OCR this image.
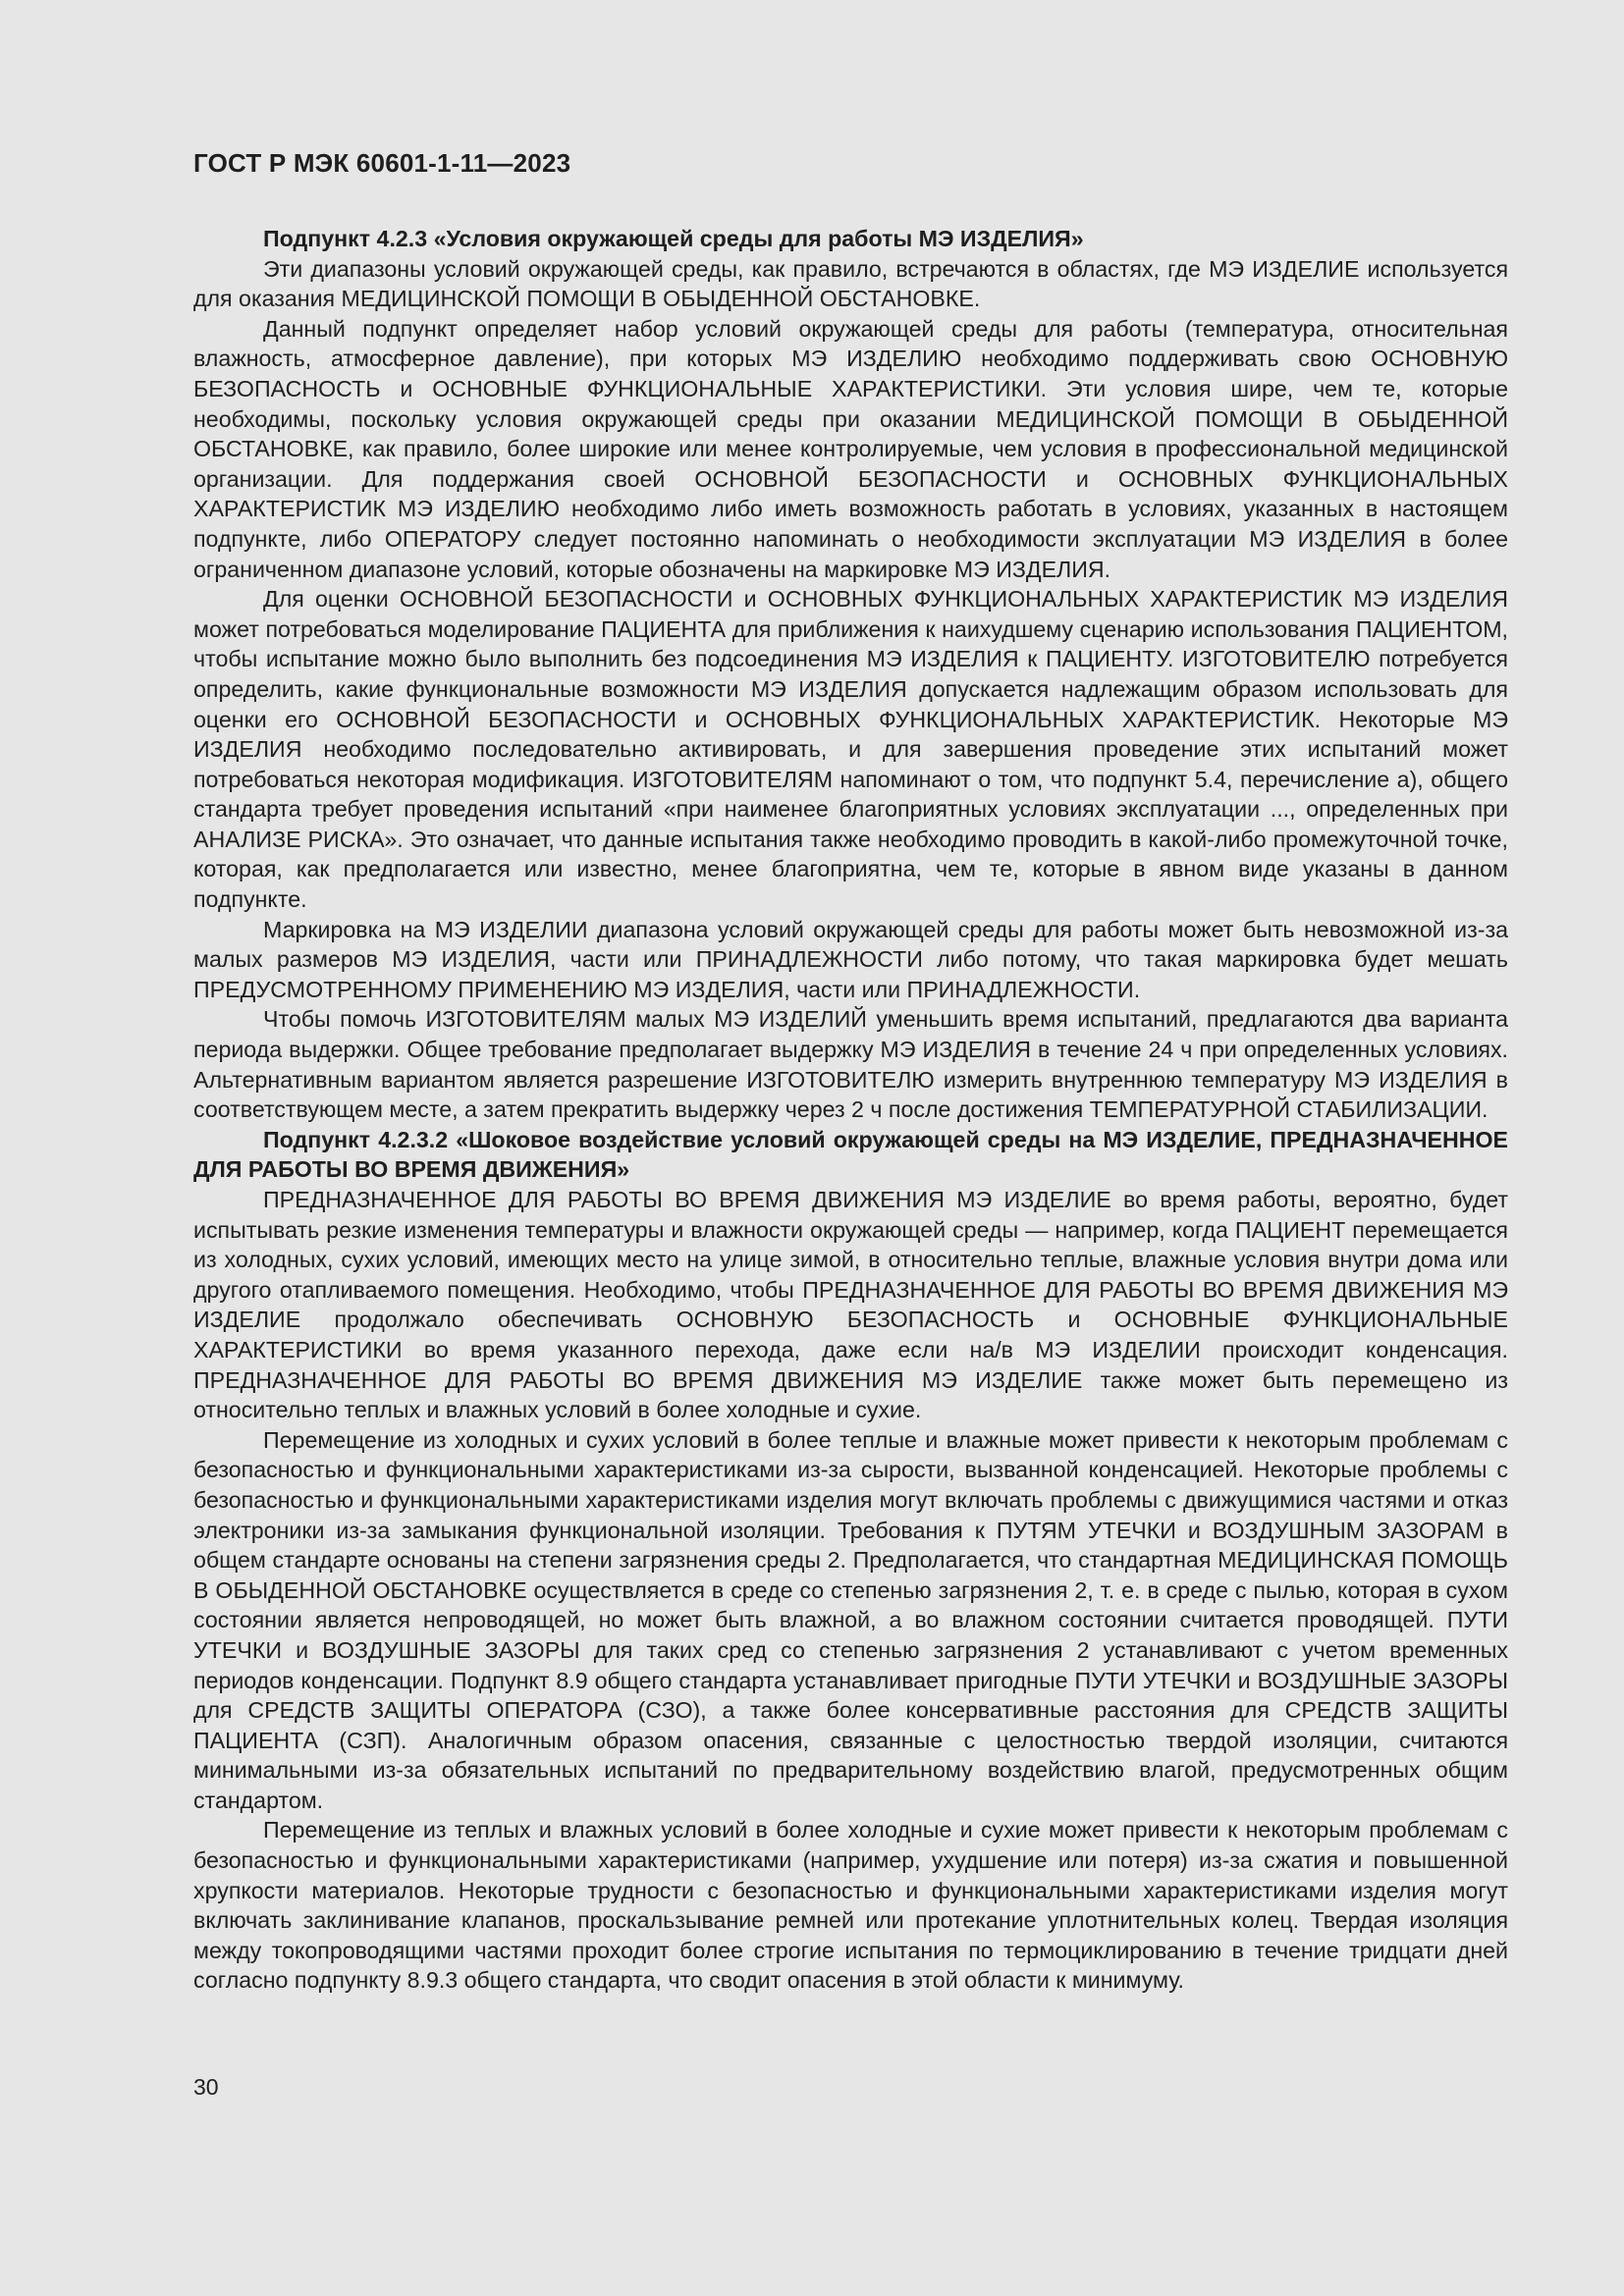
ГОСТ Р МЭК 60601-1-11—2023

Подпункт 4.2.3 «Условия окружающей среды для работы МЭ ИЗДЕЛИЯ»

Эти диапазоны условий окружающей среды, как правило, встречаются в областях, где МЭ ИЗДЕЛИЕ используется для оказания МЕДИЦИНСКОЙ ПОМОЩИ В ОБЫДЕННОЙ ОБСТАНОВКЕ.

Данный подпункт определяет набор условий окружающей среды для работы (температура, относительная влажность, атмосферное давление), при которых МЭ ИЗДЕЛИЮ необходимо поддерживать свою ОСНОВНУЮ БЕЗОПАСНОСТЬ и ОСНОВНЫЕ ФУНКЦИОНАЛЬНЫЕ ХАРАКТЕРИСТИКИ. Эти условия шире, чем те, которые необходимы, поскольку условия окружающей среды при оказании МЕДИЦИНСКОЙ ПОМОЩИ В ОБЫДЕННОЙ ОБСТАНОВКЕ, как правило, более широкие или менее контролируемые, чем условия в профессиональной медицинской организации. Для поддержания своей ОСНОВНОЙ БЕЗОПАСНОСТИ и ОСНОВНЫХ ФУНКЦИОНАЛЬНЫХ ХАРАКТЕРИСТИК МЭ ИЗДЕЛИЮ необходимо либо иметь возможность работать в условиях, указанных в настоящем подпункте, либо ОПЕРАТОРУ следует постоянно напоминать о необходимости эксплуатации МЭ ИЗДЕЛИЯ в более ограниченном диапазоне условий, которые обозначены на маркировке МЭ ИЗДЕЛИЯ.

Для оценки ОСНОВНОЙ БЕЗОПАСНОСТИ и ОСНОВНЫХ ФУНКЦИОНАЛЬНЫХ ХАРАКТЕРИСТИК МЭ ИЗДЕЛИЯ может потребоваться моделирование ПАЦИЕНТА для приближения к наихудшему сценарию использования ПАЦИЕНТОМ, чтобы испытание можно было выполнить без подсоединения МЭ ИЗДЕЛИЯ к ПАЦИЕНТУ. ИЗГОТОВИТЕЛЮ потребуется определить, какие функциональные возможности МЭ ИЗДЕЛИЯ допускается надлежащим образом использовать для оценки его ОСНОВНОЙ БЕЗОПАСНОСТИ и ОСНОВНЫХ ФУНКЦИОНАЛЬНЫХ ХАРАКТЕРИСТИК. Некоторые МЭ ИЗДЕЛИЯ необходимо последовательно активировать, и для завершения проведение этих испытаний может потребоваться некоторая модификация. ИЗГОТОВИТЕЛЯМ напоминают о том, что подпункт 5.4, перечисление а), общего стандарта требует проведения испытаний «при наименее благоприятных условиях эксплуатации ..., определенных при АНАЛИЗЕ РИСКА». Это означает, что данные испытания также необходимо проводить в какой-либо промежуточной точке, которая, как предполагается или известно, менее благоприятна, чем те, которые в явном виде указаны в данном подпункте.

Маркировка на МЭ ИЗДЕЛИИ диапазона условий окружающей среды для работы может быть невозможной из-за малых размеров МЭ ИЗДЕЛИЯ, части или ПРИНАДЛЕЖНОСТИ либо потому, что такая маркировка будет мешать ПРЕДУСМОТРЕННОМУ ПРИМЕНЕНИЮ МЭ ИЗДЕЛИЯ, части или ПРИНАДЛЕЖНОСТИ.

Чтобы помочь ИЗГОТОВИТЕЛЯМ малых МЭ ИЗДЕЛИЙ уменьшить время испытаний, предлагаются два варианта периода выдержки. Общее требование предполагает выдержку МЭ ИЗДЕЛИЯ в течение 24 ч при определенных условиях. Альтернативным вариантом является разрешение ИЗГОТОВИТЕЛЮ измерить внутреннюю температуру МЭ ИЗДЕЛИЯ в соответствующем месте, а затем прекратить выдержку через 2 ч после достижения ТЕМПЕРАТУРНОЙ СТАБИЛИЗАЦИИ.

Подпункт 4.2.3.2 «Шоковое воздействие условий окружающей среды на МЭ ИЗДЕЛИЕ, ПРЕДНАЗНАЧЕННОЕ ДЛЯ РАБОТЫ ВО ВРЕМЯ ДВИЖЕНИЯ»

ПРЕДНАЗНАЧЕННОЕ ДЛЯ РАБОТЫ ВО ВРЕМЯ ДВИЖЕНИЯ МЭ ИЗДЕЛИЕ во время работы, вероятно, будет испытывать резкие изменения температуры и влажности окружающей среды — например, когда ПАЦИЕНТ перемещается из холодных, сухих условий, имеющих место на улице зимой, в относительно теплые, влажные условия внутри дома или другого отапливаемого помещения. Необходимо, чтобы ПРЕДНАЗНАЧЕННОЕ ДЛЯ РАБОТЫ ВО ВРЕМЯ ДВИЖЕНИЯ МЭ ИЗДЕЛИЕ продолжало обеспечивать ОСНОВНУЮ БЕЗОПАСНОСТЬ и ОСНОВНЫЕ ФУНКЦИОНАЛЬНЫЕ ХАРАКТЕРИСТИКИ во время указанного перехода, даже если на/в МЭ ИЗДЕЛИИ происходит конденсация. ПРЕДНАЗНАЧЕННОЕ ДЛЯ РАБОТЫ ВО ВРЕМЯ ДВИЖЕНИЯ МЭ ИЗДЕЛИЕ также может быть перемещено из относительно теплых и влажных условий в более холодные и сухие.

Перемещение из холодных и сухих условий в более теплые и влажные может привести к некоторым проблемам с безопасностью и функциональными характеристиками из-за сырости, вызванной конденсацией. Некоторые проблемы с безопасностью и функциональными характеристиками изделия могут включать проблемы с движущимися частями и отказ электроники из-за замыкания функциональной изоляции. Требования к ПУТЯМ УТЕЧКИ и ВОЗДУШНЫМ ЗАЗОРАМ в общем стандарте основаны на степени загрязнения среды 2. Предполагается, что стандартная МЕДИЦИНСКАЯ ПОМОЩЬ В ОБЫДЕННОЙ ОБСТАНОВКЕ осуществляется в среде со степенью загрязнения 2, т. е. в среде с пылью, которая в сухом состоянии является непроводящей, но может быть влажной, а во влажном состоянии считается проводящей. ПУТИ УТЕЧКИ и ВОЗДУШНЫЕ ЗАЗОРЫ для таких сред со степенью загрязнения 2 устанавливают с учетом временных периодов конденсации. Подпункт 8.9 общего стандарта устанавливает пригодные ПУТИ УТЕЧКИ и ВОЗДУШНЫЕ ЗАЗОРЫ для СРЕДСТВ ЗАЩИТЫ ОПЕРАТОРА (СЗО), а также более консервативные расстояния для СРЕДСТВ ЗАЩИТЫ ПАЦИЕНТА (СЗП). Аналогичным образом опасения, связанные с целостностью твердой изоляции, считаются минимальными из-за обязательных испытаний по предварительному воздействию влагой, предусмотренных общим стандартом.

Перемещение из теплых и влажных условий в более холодные и сухие может привести к некоторым проблемам с безопасностью и функциональными характеристиками (например, ухудшение или потеря) из-за сжатия и повышенной хрупкости материалов. Некоторые трудности с безопасностью и функциональными характеристиками изделия могут включать заклинивание клапанов, проскальзывание ремней или протекание уплотнительных колец. Твердая изоляция между токопроводящими частями проходит более строгие испытания по термоциклированию в течение тридцати дней согласно подпункту 8.9.3 общего стандарта, что сводит опасения в этой области к минимуму.

30
